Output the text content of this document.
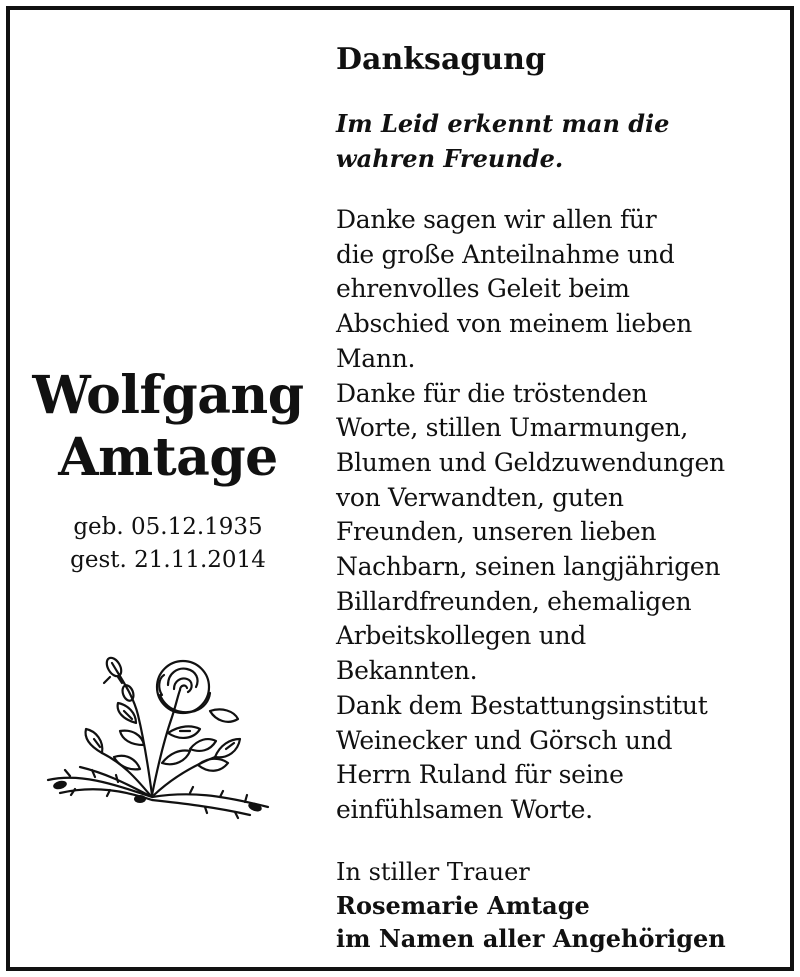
Wolfgang
Amtage
geb. 05.12.1935
gest. 21.11.2014
Danksagung
Im Leid erkennt man die
wahren Freunde.
Danke sagen wir allen für
die große Anteilnahme und
ehrenvolles Geleit beim
Abschied von meinem lieben
Mann.
Danke für die tröstenden
Worte, stillen Umarmungen,
Blumen und Geldzuwendungen
von Verwandten, guten
Freunden, unseren lieben
Nachbarn, seinen langjährigen
Billardfreunden, ehemaligen
Arbeitskollegen und
Bekannten.
Dank dem Bestattungsinstitut
Weinecker und Görsch und
Herrn Ruland für seine
einfühlsamen Worte.
In stiller Trauer
Rosemarie Amtage
im Namen aller Angehörigen
